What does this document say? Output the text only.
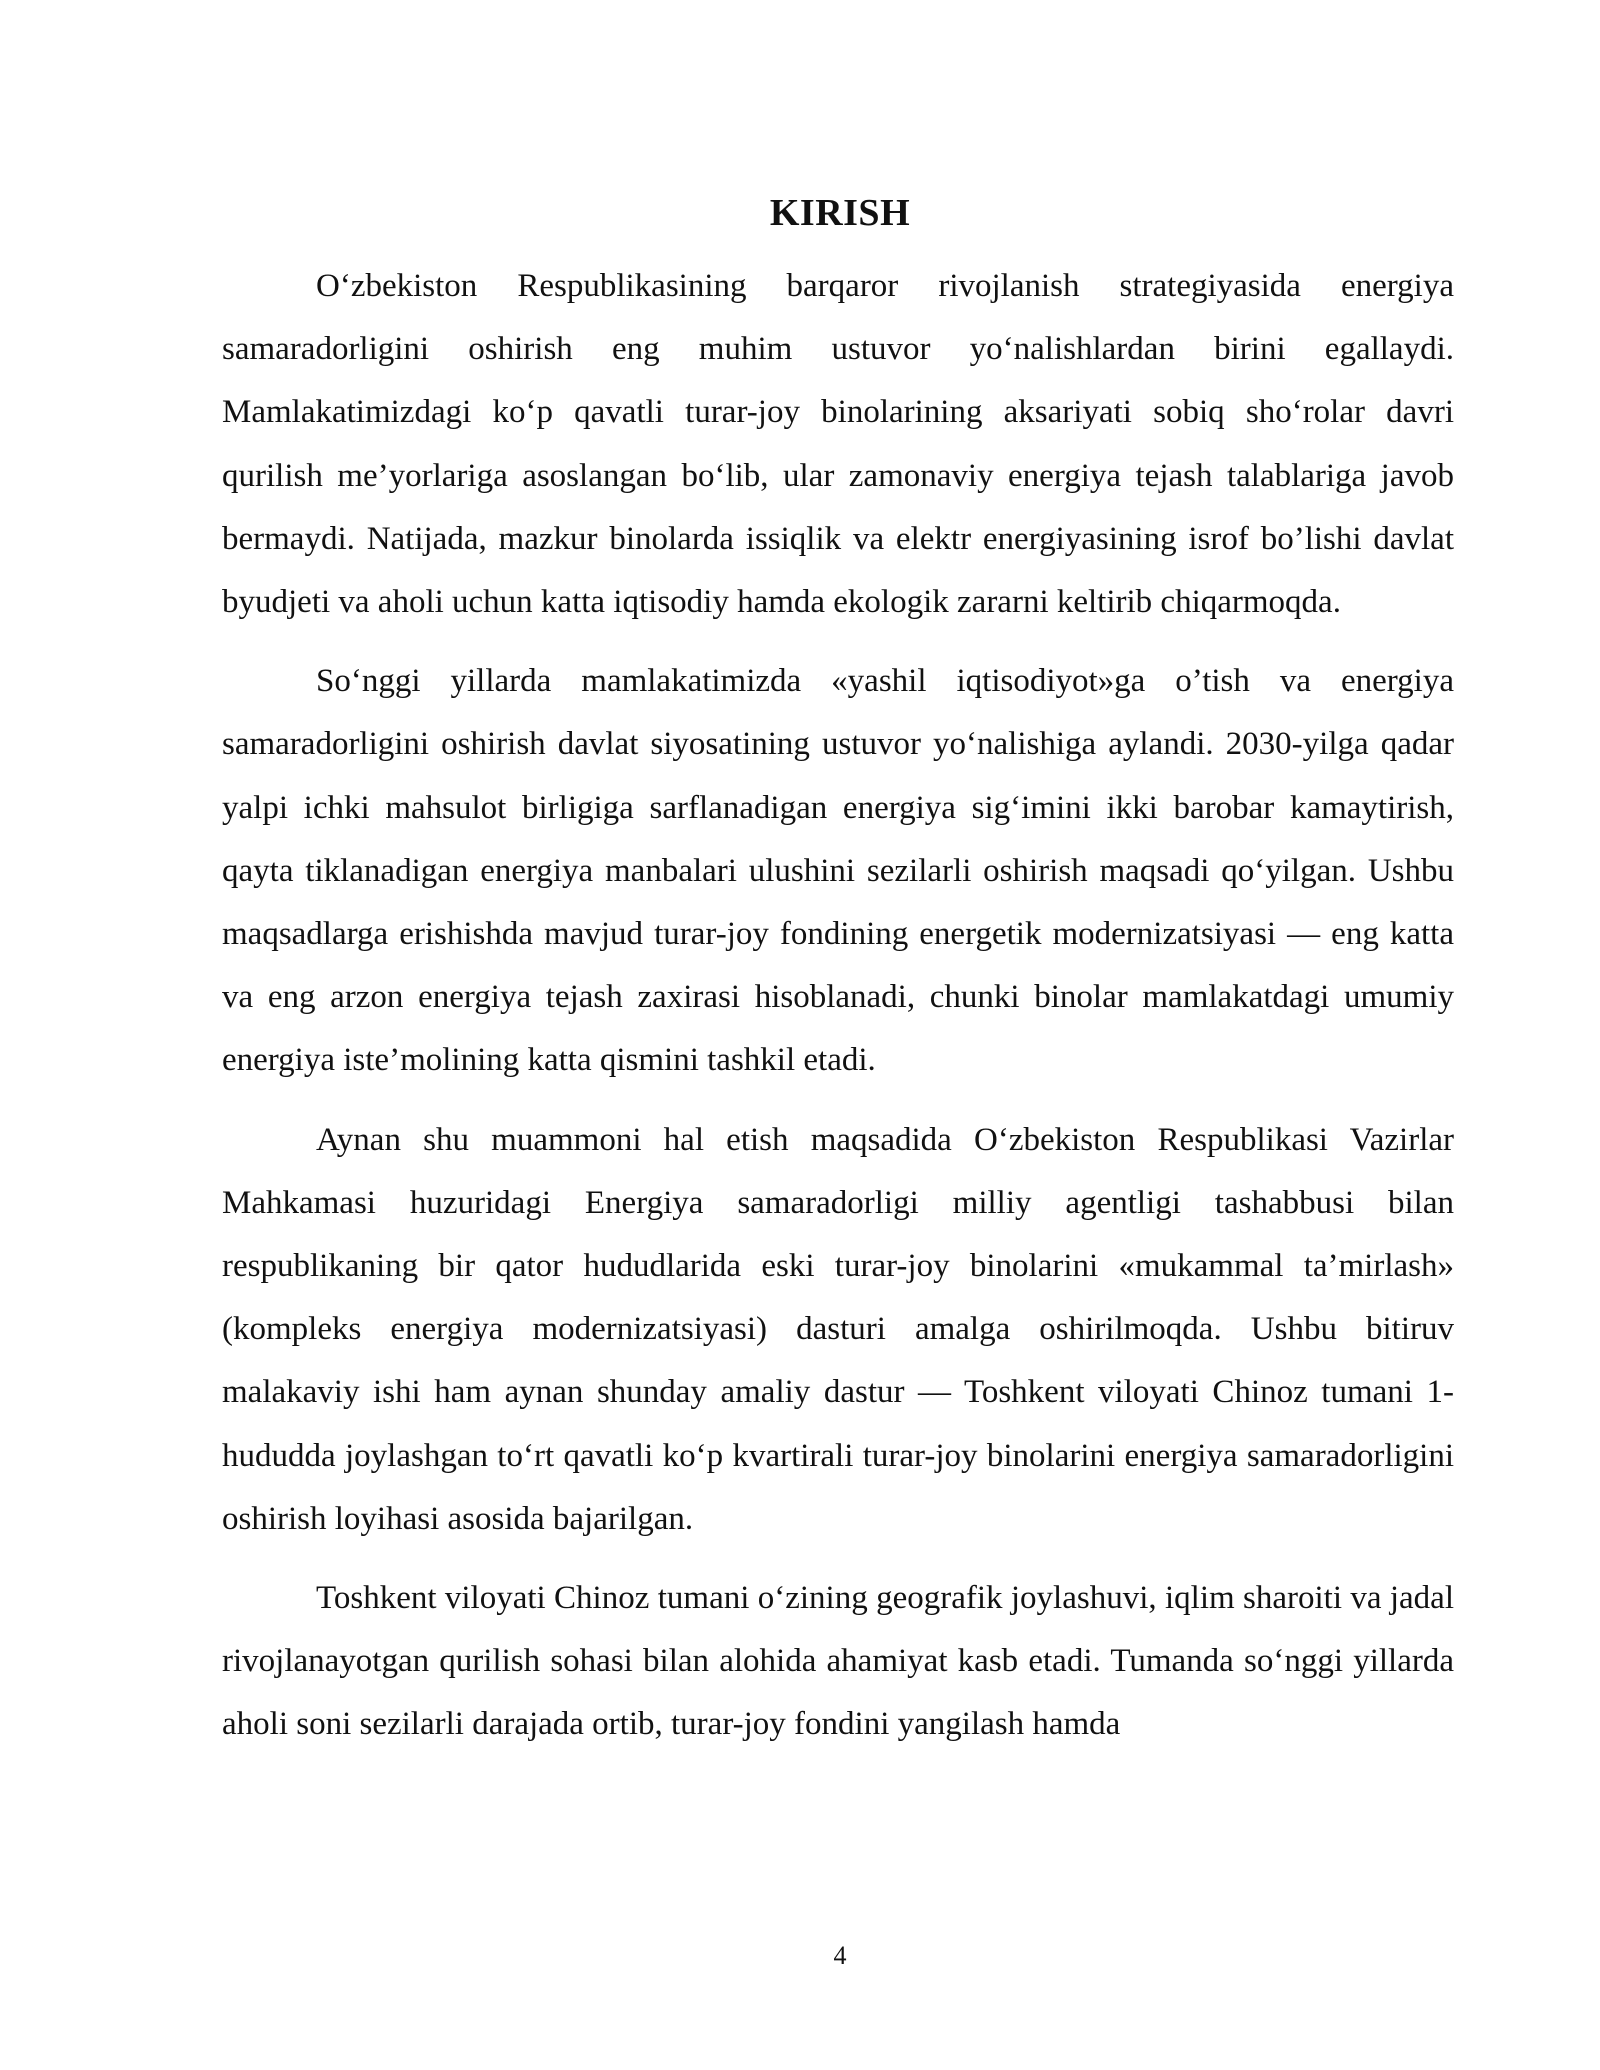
KIRISH

O‘zbekiston Respublikasining barqaror rivojlanish strategiyasida energiya samaradorligini oshirish eng muhim ustuvor yo‘nalishlardan birini egallaydi. Mamlakatimizdagi ko‘p qavatli turar-joy binolarining aksariyati sobiq sho‘rolar davri qurilish me’yorlariga asoslangan bo‘lib, ular zamonaviy energiya tejash talablariga javob bermaydi. Natijada, mazkur binolarda issiqlik va elektr energiyasining isrof bo’lishi davlat byudjeti va aholi uchun katta iqtisodiy hamda ekologik zararni keltirib chiqarmoqda.

So‘nggi yillarda mamlakatimizda «yashil iqtisodiyot»ga o’tish va energiya samaradorligini oshirish davlat siyosatining ustuvor yo‘nalishiga aylandi. 2030-yilga qadar yalpi ichki mahsulot birligiga sarflanadigan energiya sig‘imini ikki barobar kamaytirish, qayta tiklanadigan energiya manbalari ulushini sezilarli oshirish maqsadi qo‘yilgan. Ushbu maqsadlarga erishishda mavjud turar-joy fondining energetik modernizatsiyasi — eng katta va eng arzon energiya tejash zaxirasi hisoblanadi, chunki binolar mamlakatdagi umumiy energiya iste’molining katta qismini tashkil etadi.

Aynan shu muammoni hal etish maqsadida O‘zbekiston Respublikasi Vazirlar Mahkamasi huzuridagi Energiya samaradorligi milliy agentligi tashabbusi bilan respublikaning bir qator hududlarida eski turar-joy binolarini «mukammal ta’mirlash» (kompleks energiya modernizatsiyasi) dasturi amalga oshirilmoqda. Ushbu bitiruv malakaviy ishi ham aynan shunday amaliy dastur — Toshkent viloyati Chinoz tumani 1-hududda joylashgan to‘rt qavatli ko‘p kvartirali turar-joy binolarini energiya samaradorligini oshirish loyihasi asosida bajarilgan.

Toshkent viloyati Chinoz tumani o‘zining geografik joylashuvi, iqlim sharoiti va jadal rivojlanayotgan qurilish sohasi bilan alohida ahamiyat kasb etadi. Tumanda so‘nggi yillarda aholi soni sezilarli darajada ortib, turar-joy fondini yangilash hamda

4
